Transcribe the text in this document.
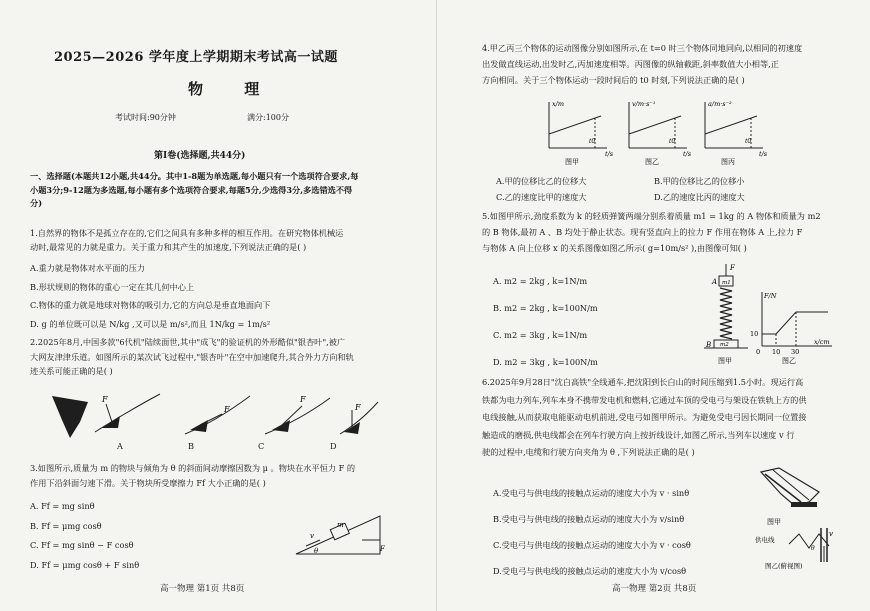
2025—2026 学年度上学期期末考试高一试题
物 理
考试时间:90分钟	满分:100分
第Ⅰ卷(选择题,共44分)
一、选择题(本题共12小题,共44分。其中1-8题为单选题,每小题只有一个选项符合要求,每
小题3分;9-12题为多选题,每小题有多个选项符合要求,每题5分,少选得3分,多选错选不得
分)
1.自然界的物体不是孤立存在的,它们之间具有多种多样的相互作用。在研究物体机械运
动时,最常见的力就是重力。关于重力和其产生的加速度,下列说法正确的是( )
A.重力就是物体对水平面的压力
B.形状规则的物体的重心一定在其几何中心上
C.物体的重力就是地球对物体的吸引力,它的方向总是垂直地面向下
D. g 的单位既可以是 N/kg ,又可以是 m/s²,而且 1N/kg = 1m/s²
2.2025年8月,中国多款"6代机"陆续面世,其中"成飞"的验证机的外形酷似"银杏叶",被广
大网友津津乐道。如图所示的某次试飞过程中,"银杏叶"在空中加速爬升,其合外力方向和轨
迹关系可能正确的是( )
F
F
F
F
A	B	C	D
3.如图所示,质量为 m 的物块与倾角为 θ 的斜面间动摩擦因数为 μ 。物块在水平恒力 F 的
作用下沿斜面匀速下滑。关于物块所受摩擦力 Ff 大小正确的是( )
A. Ff = mg sinθ
B. Ff = μmg cosθ
C. Ff = mg sinθ − F cosθ
D. Ff = μmg cosθ + F sinθ
m
v
F
θ
高一物理 第1页 共8页
4.甲乙丙三个物体的运动图像分别如图所示,在 t=0 时三个物体同地同向,以相同的初速度
出发做直线运动,出发时乙,丙加速度相等。丙图像的纵轴截距,斜率数值大小相等,正
方向相同。关于三个物体运动一段时间后的 t0 时刻,下列说法正确的是( )
x/m
t/s
t0
图甲
v/m·s⁻¹
t/s
t0
图乙
a/m·s⁻²
t/s
t0
图丙
A.甲的位移比乙的位移大
C.乙的速度比甲的速度大
B.甲的位移比乙的位移小
D.乙的速度比丙的速度大
5.如图甲所示,劲度系数为 k 的轻质弹簧两端分别系着质量 m1 = 1kg 的 A 物体和质量为 m2
的 B 物体,最初 A 、B 均处于静止状态。现有竖直向上的拉力 F 作用在物体 A 上,拉力 F
与物体 A 向上位移 x 的关系图像如图乙所示( g=10m/s² ),由图像可知( )
A. m2 = 2kg , k=1N/m
B. m2 = 2kg , k=100N/m
C. m2 = 3kg , k=1N/m
D. m2 = 3kg , k=100N/m
F
A m1
B m2
图甲
F/N
x/cm
10
0 10 30
图乙
6.2025年9月28日"沈白高铁"全线通车,把沈阳到长白山的时间压缩到1.5小时。现运行高
铁都为电力列车,列车本身不携带发电机和燃料,它通过车顶的受电弓与架设在铁轨上方的供
电线接触,从而获取电能驱动电机前进,受电弓如图甲所示。为避免受电弓因长期同一位置接
触造成的磨损,供电线都会在列车行驶方向上按折线设计,如图乙所示,当列车以速度 v 行
驶的过程中,电缆和行驶方向夹角为 θ ,下列说法正确的是( )
A.受电弓与供电线的接触点运动的速度大小为 v · sinθ
B.受电弓与供电线的接触点运动的速度大小为 v/sinθ
C.受电弓与供电线的接触点运动的速度大小为 v · cosθ
D.受电弓与供电线的接触点运动的速度大小为 v/cosθ
图甲
v
θ
供电线
图乙(俯视图)
高一物理 第2页 共8页
